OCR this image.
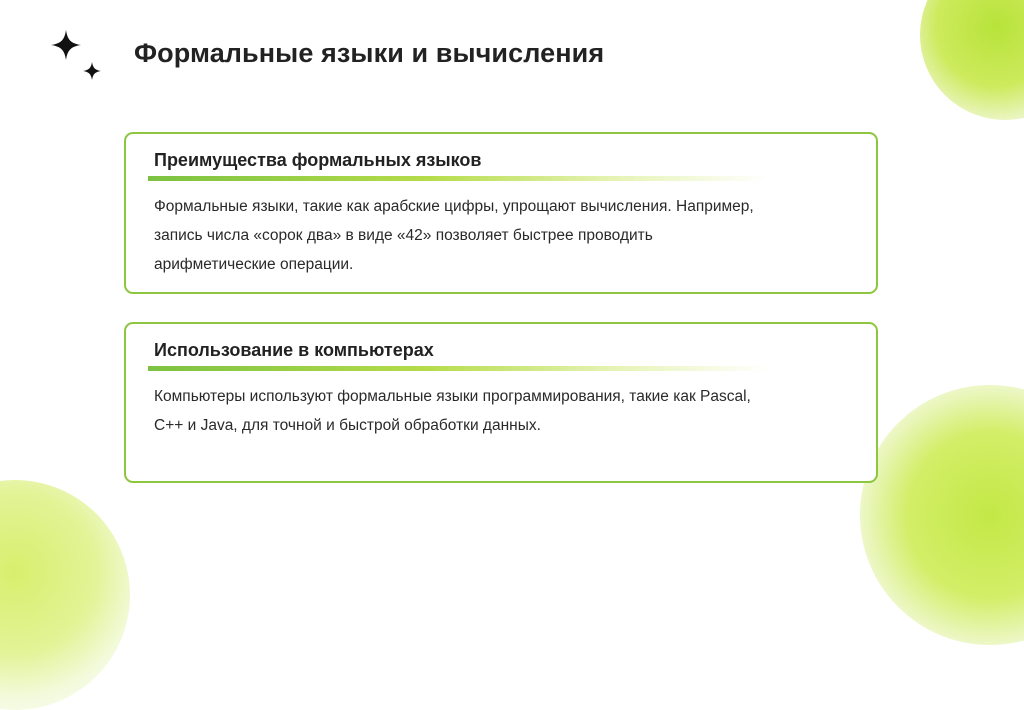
Формальные языки и вычисления
Преимущества формальных языков
Формальные языки, такие как арабские цифры, упрощают вычисления. Например,
запись числа «сорок два» в виде «42» позволяет быстрее проводить
арифметические операции.
Использование в компьютерах
Компьютеры используют формальные языки программирования, такие как Pascal,
C++ и Java, для точной и быстрой обработки данных.
